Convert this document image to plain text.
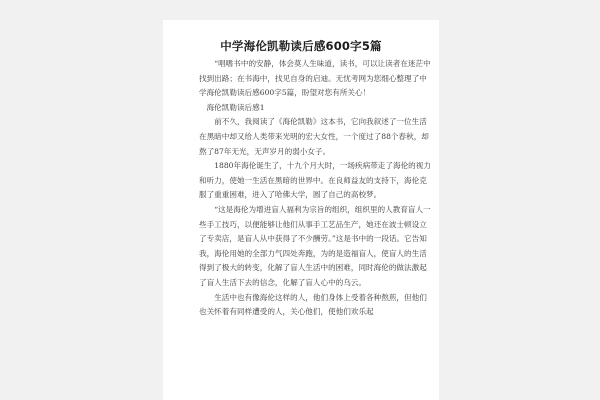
中学海伦凯勒读后感600字5篇

“唱嗜书中的安静，体会莫人生味道，读书，可以让读者在迷茫中找到出路；在书海中，找见自身的启迪。无忧考网为您细心整理了中学海伦凯勒读后感600字5篇，盼望对您有所关心！

海伦凯勒读后感1

前不久，我阅读了《海伦凯勒》这本书，它向我叙述了一位生活在黑暗中却又给人类带来光明的宏大女性，一个度过了88个春秋，却熬了87年无光，无声岁月的弱小女子。

1880年海伦诞生了，十九个月大时，一场疾病带走了海伦的视力和听力，使她一生活在黑暗的世界中。在良师益友的支持下，海伦克服了重重困难，进入了哈佛大学，圆了自己的高校梦。

“这是海伦为增进盲人福利为宗旨的组织，组织里的人教育盲人一些手工技巧，以便能够让他们从事手工艺品生产，她还在波士顿设立了专卖店，是盲人从中获得了不少酬劳。”这是书中的一段话。它告知我，海伦用她的全部力气四处奔跑，为的是造福盲人，使盲人的生活得到了极大的转变，化解了盲人生活中的困难，同时海伦的做法激起了盲人生活下去的信念，化解了盲人心中的乌云。

生活中也有像海伦这样的人，他们身体上受着各种熬煎，但他们也关怀着有同样遭受的人，关心他们，使他们欢乐起
